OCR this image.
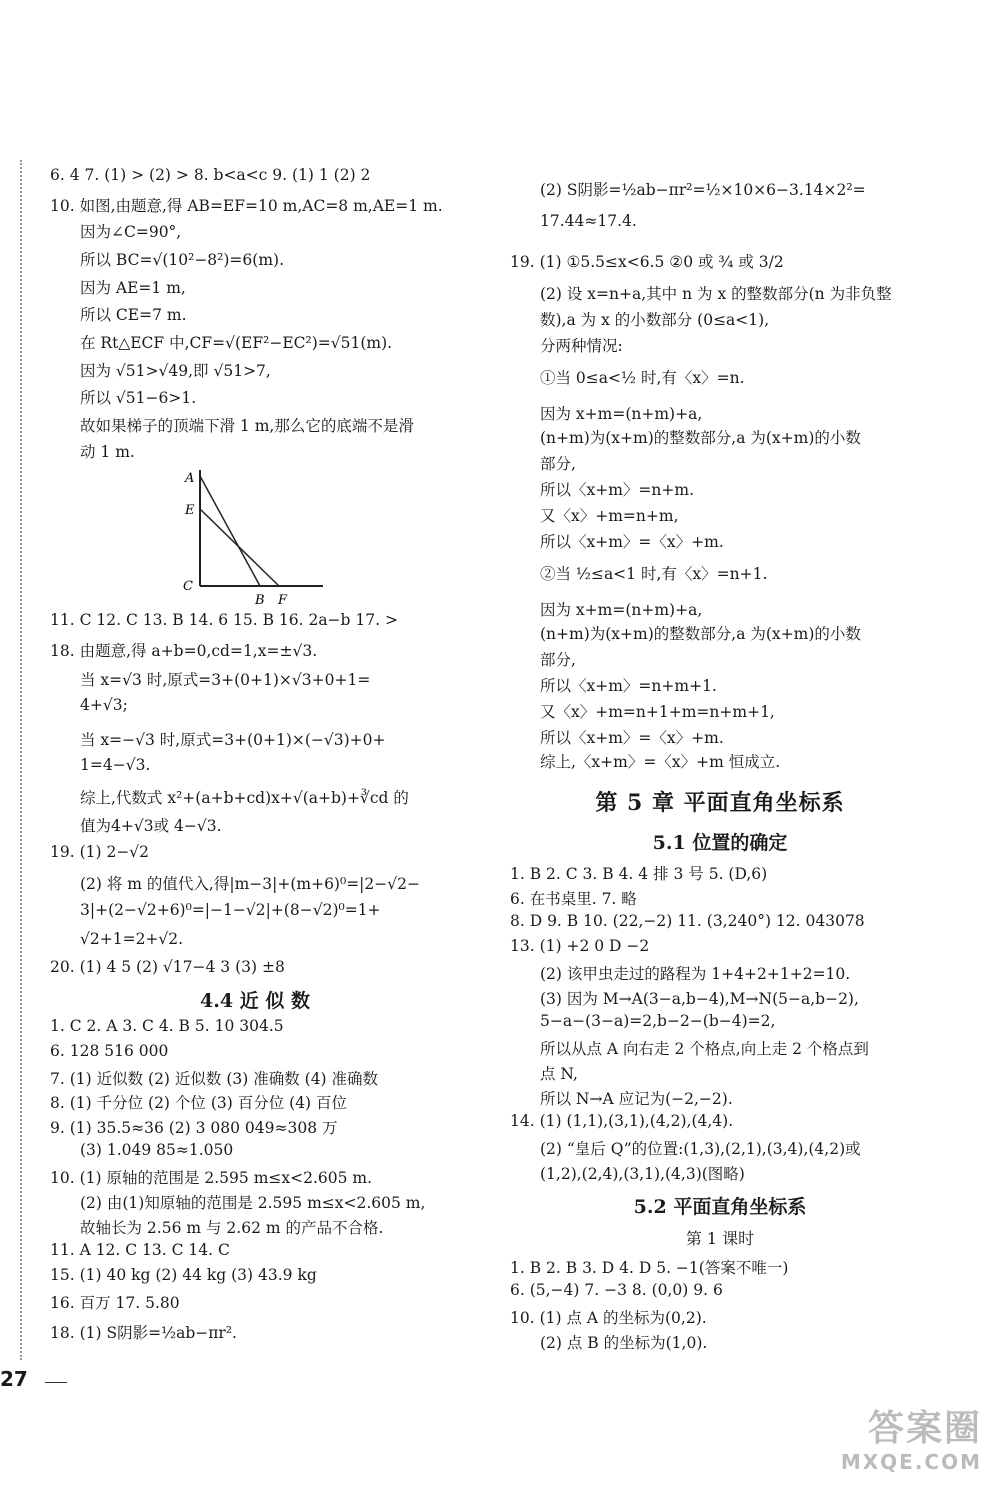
6. 4 7. (1) > (2) > 8. b<a<c 9. (1) 1 (2) 2
10. 如图,由题意,得 AB=EF=10 m,AC=8 m,AE=1 m.
因为∠C=90°,
所以 BC=√(10²−8²)=6(m).
因为 AE=1 m,
所以 CE=7 m.
在 Rt△ECF 中,CF=√(EF²−EC²)=√51(m).
因为 √51>√49,即 √51>7,
所以 √51−6>1.
故如果梯子的顶端下滑 1 m,那么它的底端不是滑
动 1 m.
A
E
C
B F
11. C 12. C 13. B 14. 6 15. B 16. 2a−b 17. >
18. 由题意,得 a+b=0,cd=1,x=±√3.
当 x=√3 时,原式=3+(0+1)×√3+0+1=
4+√3;
当 x=−√3 时,原式=3+(0+1)×(−√3)+0+
1=4−√3.
综上,代数式 x²+(a+b+cd)x+√(a+b)+∛cd 的
值为4+√3或 4−√3.
19. (1) 2−√2
(2) 将 m 的值代入,得|m−3|+(m+6)⁰=|2−√2−
3|+(2−√2+6)⁰=|−1−√2|+(8−√2)⁰=1+
√2+1=2+√2.
20. (1) 4 5 (2) √17−4 3 (3) ±8
4.4 近 似 数
1. C 2. A 3. C 4. B 5. 10 304.5
6. 128 516 000
7. (1) 近似数 (2) 近似数 (3) 准确数 (4) 准确数
8. (1) 千分位 (2) 个位 (3) 百分位 (4) 百位
9. (1) 35.5≈36 (2) 3 080 049≈308 万
(3) 1.049 85≈1.050
10. (1) 原轴的范围是 2.595 m≤x<2.605 m.
(2) 由(1)知原轴的范围是 2.595 m≤x<2.605 m,
故轴长为 2.56 m 与 2.62 m 的产品不合格.
11. A 12. C 13. C 14. C
15. (1) 40 kg (2) 44 kg (3) 43.9 kg
16. 百万 17. 5.80
18. (1) S阴影=½ab−πr².
(2) S阴影=½ab−πr²=½×10×6−3.14×2²=
17.44≈17.4.
19. (1) ①5.5≤x<6.5 ②0 或 ¾ 或 3/2
(2) 设 x=n+a,其中 n 为 x 的整数部分(n 为非负整
数),a 为 x 的小数部分 (0≤a<1),
分两种情况:
①当 0≤a<½ 时,有〈x〉=n.
因为 x+m=(n+m)+a,
(n+m)为(x+m)的整数部分,a 为(x+m)的小数
部分,
所以〈x+m〉=n+m.
又〈x〉+m=n+m,
所以〈x+m〉=〈x〉+m.
②当 ½≤a<1 时,有〈x〉=n+1.
因为 x+m=(n+m)+a,
(n+m)为(x+m)的整数部分,a 为(x+m)的小数
部分,
所以〈x+m〉=n+m+1.
又〈x〉+m=n+1+m=n+m+1,
所以〈x+m〉=〈x〉+m.
综上,〈x+m〉=〈x〉+m 恒成立.
第 5 章 平面直角坐标系
5.1 位置的确定
1. B 2. C 3. B 4. 4 排 3 号 5. (D,6)
6. 在书桌里. 7. 略
8. D 9. B 10. (22,−2) 11. (3,240°) 12. 043078
13. (1) +2 0 D −2
(2) 该甲虫走过的路程为 1+4+2+1+2=10.
(3) 因为 M→A(3−a,b−4),M→N(5−a,b−2),
5−a−(3−a)=2,b−2−(b−4)=2,
所以从点 A 向右走 2 个格点,向上走 2 个格点到
点 N,
所以 N→A 应记为(−2,−2).
14. (1) (1,1),(3,1),(4,2),(4,4).
(2) “皇后 Q”的位置:(1,3),(2,1),(3,4),(4,2)或
(1,2),(2,4),(3,1),(4,3)(图略)
5.2 平面直角坐标系
第 1 课时
1. B 2. B 3. D 4. D 5. −1(答案不唯一)
6. (5,−4) 7. −3 8. (0,0) 9. 6
10. (1) 点 A 的坐标为(0,2).
(2) 点 B 的坐标为(1,0).
27
答案圈
MXQE.COM
